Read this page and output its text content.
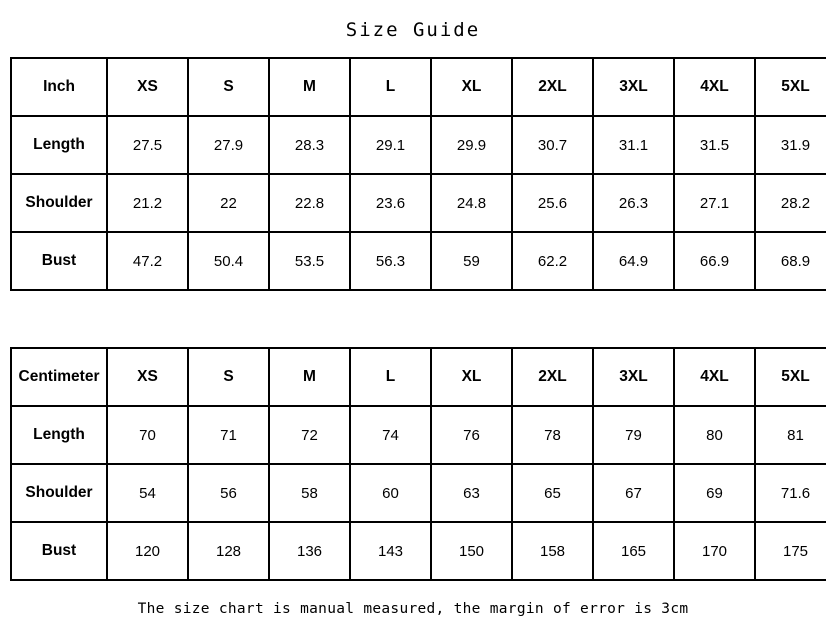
Size Guide
Inch	XS	S	M	L	XL	2XL	3XL	4XL	5XL
Length	27.5	27.9	28.3	29.1	29.9	30.7	31.1	31.5	31.9
Shoulder	21.2	22	22.8	23.6	24.8	25.6	26.3	27.1	28.2
Bust	47.2	50.4	53.5	56.3	59	62.2	64.9	66.9	68.9
Centimeter	XS	S	M	L	XL	2XL	3XL	4XL	5XL
Length	70	71	72	74	76	78	79	80	81
Shoulder	54	56	58	60	63	65	67	69	71.6
Bust	120	128	136	143	150	158	165	170	175
The size chart is manual measured, the margin of error is 3cm
